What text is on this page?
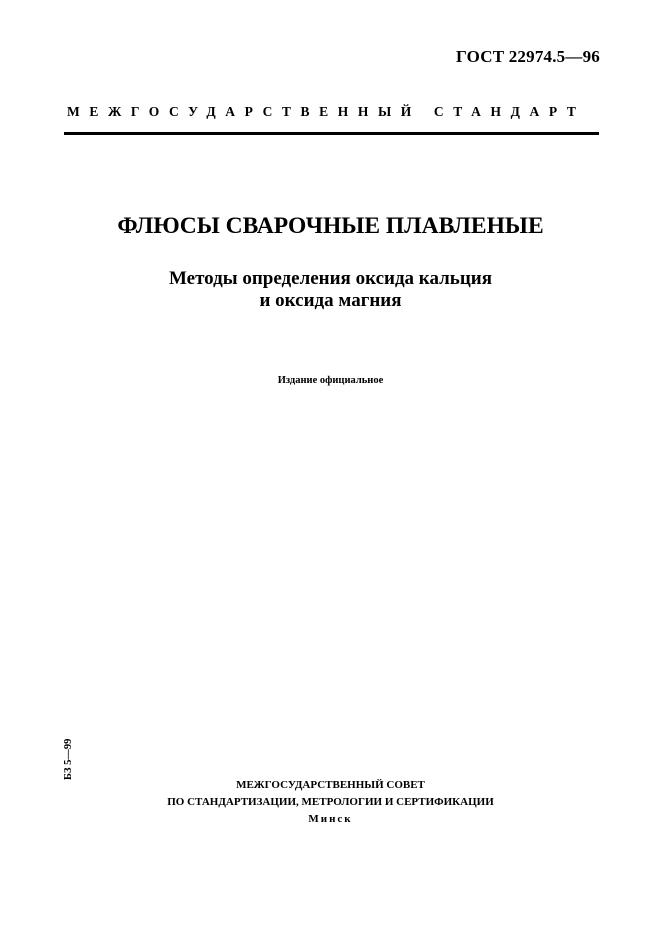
ГОСТ 22974.5—96
МЕЖГОСУДАРСТВЕННЫЙ СТАНДАРТ
ФЛЮСЫ СВАРОЧНЫЕ ПЛАВЛЕНЫЕ
Методы определения оксида кальция
и оксида магния
Издание официальное
БЗ 5—99
МЕЖГОСУДАРСТВЕННЫЙ СОВЕТ
ПО СТАНДАРТИЗАЦИИ, МЕТРОЛОГИИ И СЕРТИФИКАЦИИ
Минск
